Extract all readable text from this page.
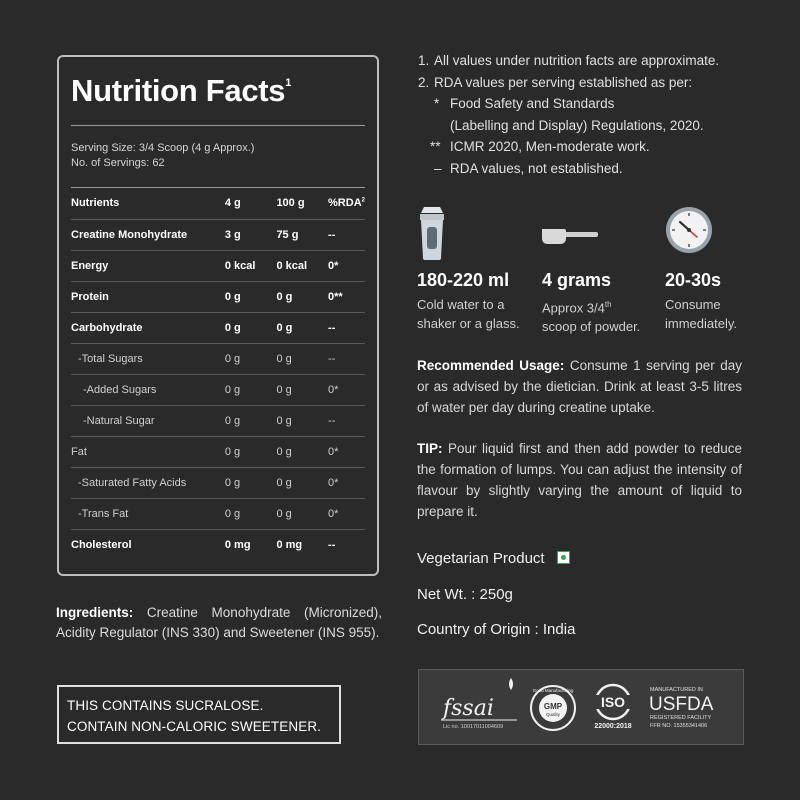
Nutrition Facts$^1$
Serving Size: 3/4 Scoop (4 g Approx.)
No. of Servings: 62
Nutrients	4 g	100 g	%RDA$^2$
Creatine Monohydrate	3 g	75 g	--
Energy	0 kcal	0 kcal	0*
Protein	0 g	0 g	0**
Carbohydrate	0 g	0 g	--
-Total Sugars	0 g	0 g	--
-Added Sugars	0 g	0 g	0*
-Natural Sugar	0 g	0 g	--
Fat	0 g	0 g	0*
-Saturated Fatty Acids	0 g	0 g	0*
-Trans Fat	0 g	0 g	0*
Cholesterol	0 mg	0 mg	--
Ingredients: Creatine Monohydrate (Micronized), Acidity Regulator (INS 330) and Sweetener (INS 955).
THIS CONTAINS SUCRALOSE.
CONTAIN NON-CALORIC SWEETENER.
1. All values under nutrition facts are approximate.
2. RDA values per serving established as per:
* Food Safety and Standards
(Labelling and Display) Regulations, 2020.
** ICMR 2020, Men-moderate work.
– RDA values, not established.
180-220 ml
Cold water to a
shaker or a glass.
4 grams
Approx 3/4th
scoop of powder.
20-30s
Consume
immediately.
Recommended Usage: Consume 1 serving per day or as advised by the dietician. Drink at least 3-5 litres of water per day during creatine uptake.
TIP: Pour liquid first and then add powder to reduce the formation of lumps. You can adjust the intensity of flavour by slightly varying the amount of liquid to prepare it.
Vegetarian Product
Net Wt. : 250g
Country of Origin : India
fssai
Lic no. 10017011004609
Good Manufacturing
GMP
Quality
ISO
22000:2018
MANUFACTURED IN
USFDA
REGISTERED FACILITY
FFR NO. 15355341406
